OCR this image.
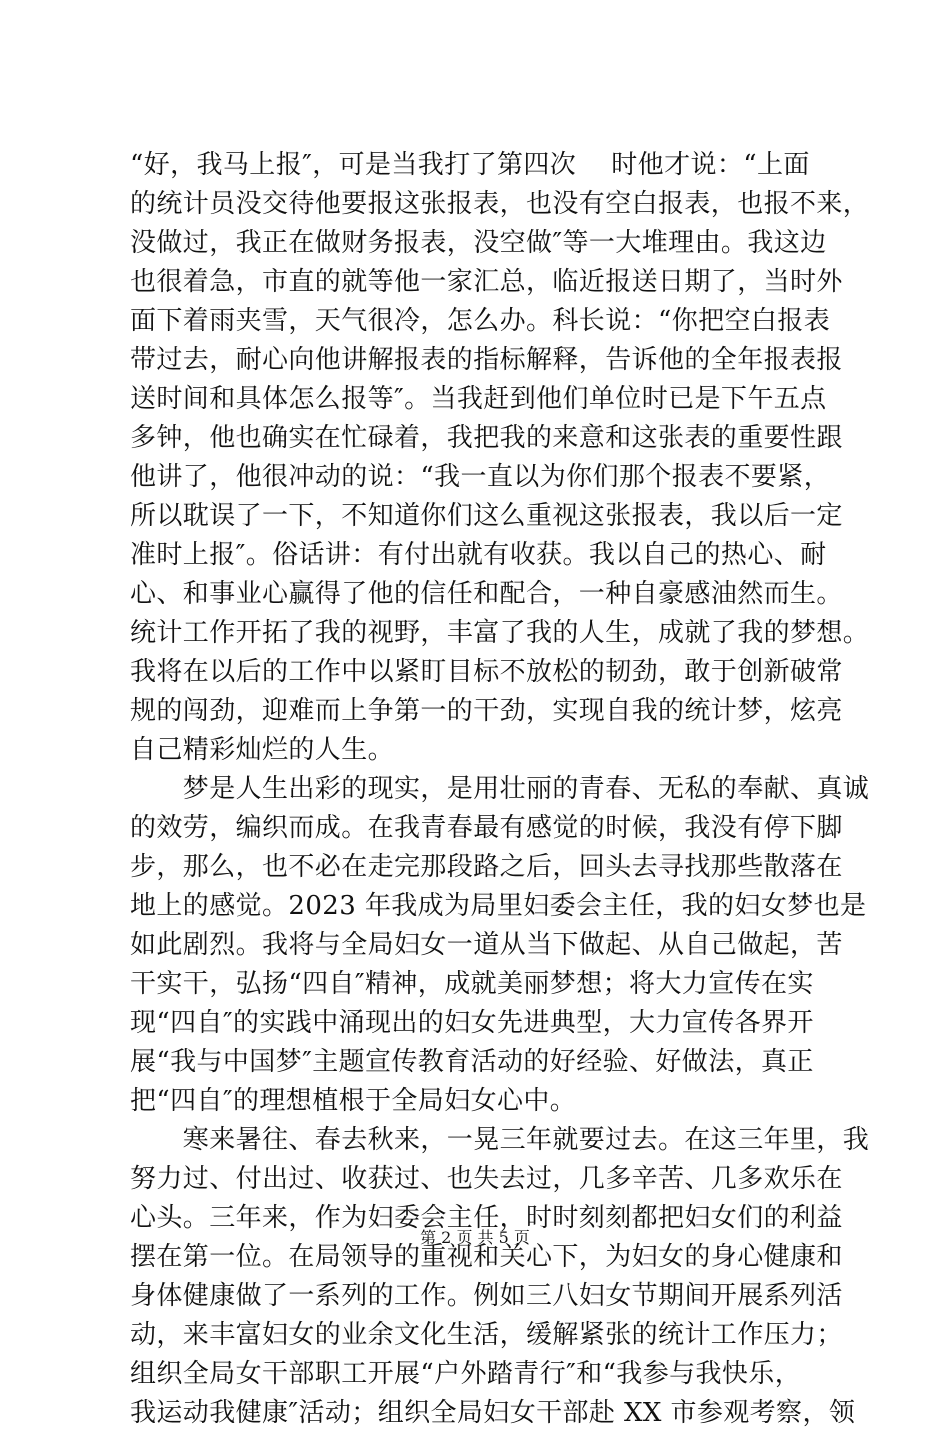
“好，我马上报″，可是当我打了第四次　 时他才说：“上面
的统计员没交待他要报这张报表，也没有空白报表，也报不来，
没做过，我正在做财务报表，没空做″等一大堆理由。我这边
也很着急，市直的就等他一家汇总，临近报送日期了，当时外
面下着雨夹雪，天气很冷，怎么办。科长说：“你把空白报表
带过去，耐心向他讲解报表的指标解释，告诉他的全年报表报
送时间和具体怎么报等″。当我赶到他们单位时已是下午五点
多钟，他也确实在忙碌着，我把我的来意和这张表的重要性跟
他讲了，他很冲动的说：“我一直以为你们那个报表不要紧，
所以耽误了一下，不知道你们这么重视这张报表，我以后一定
准时上报″。俗话讲：有付出就有收获。我以自己的热心、耐
心、和事业心赢得了他的信任和配合，一种自豪感油然而生。
统计工作开拓了我的视野，丰富了我的人生，成就了我的梦想。
我将在以后的工作中以紧盯目标不放松的韧劲，敢于创新破常
规的闯劲，迎难而上争第一的干劲，实现自我的统计梦，炫亮
自己精彩灿烂的人生。
　　梦是人生出彩的现实，是用壮丽的青春、无私的奉献、真诚
的效劳，编织而成。在我青春最有感觉的时候，我没有停下脚
步，那么，也不必在走完那段路之后，回头去寻找那些散落在
地上的感觉。2023 年我成为局里妇委会主任，我的妇女梦也是
如此剧烈。我将与全局妇女一道从当下做起、从自己做起，苦
干实干，弘扬“四自″精神，成就美丽梦想；将大力宣传在实
现“四自″的实践中涌现出的妇女先进典型，大力宣传各界开
展“我与中国梦″主题宣传教育活动的好经验、好做法，真正
把“四自″的理想植根于全局妇女心中。
　　寒来暑往、春去秋来，一晃三年就要过去。在这三年里，我
努力过、付出过、收获过、也失去过，几多辛苦、几多欢乐在
心头。三年来，作为妇委会主任，时时刻刻都把妇女们的利益
摆在第一位。在局领导的重视和关心下，为妇女的身心健康和
身体健康做了一系列的工作。例如三八妇女节期间开展系列活
动，来丰富妇女的业余文化生活，缓解紧张的统计工作压力；
组织全局女干部职工开展“户外踏青行″和“我参与我快乐，
我运动我健康″活动；组织全局妇女干部赴 XX 市参观考察，领
第 2 页 共 5 页
